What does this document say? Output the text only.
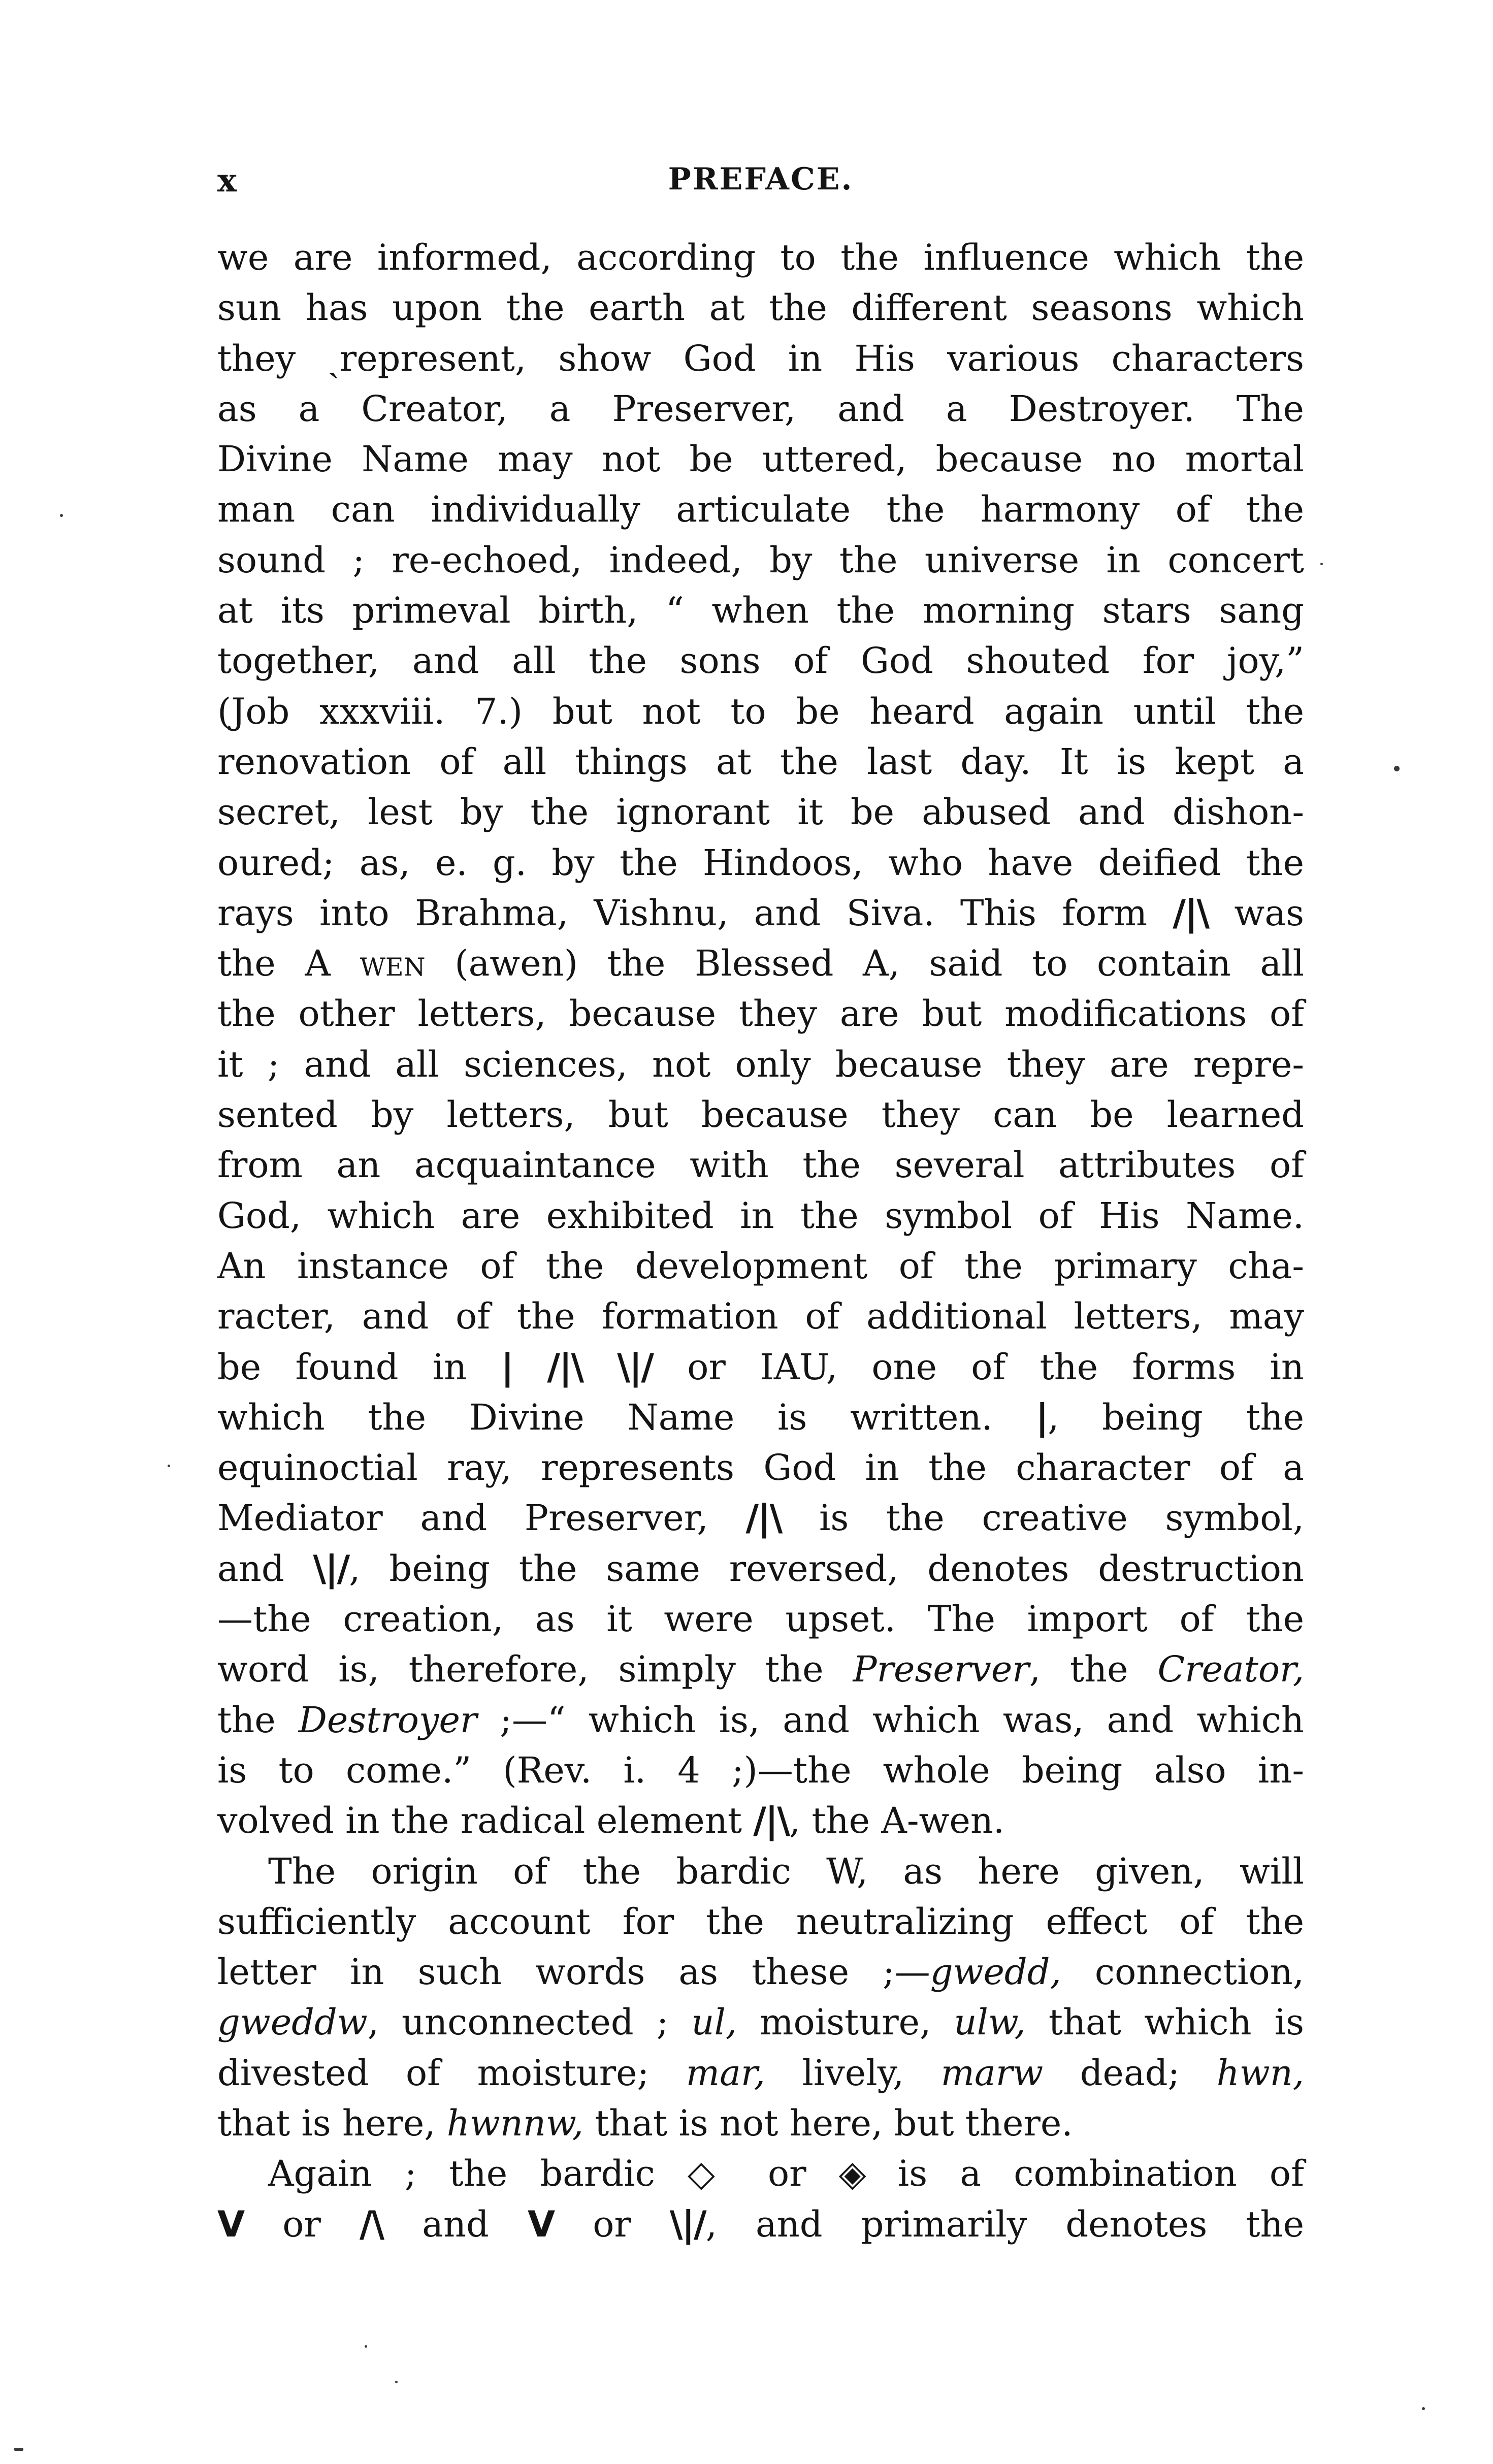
x	PREFACE.
we are informed, according to the influence which the
sun has upon the earth at the different seasons which
they ˎrepresent, show God in His various characters
as a Creator, a Preserver, and a Destroyer. The
Divine Name may not be uttered, because no mortal
man can individually articulate the harmony of the
sound ; re-echoed, indeed, by the universe in concert
at its primeval birth, “ when the morning stars sang
together, and all the sons of God shouted for joy,”
(Job xxxviii. 7.) but not to be heard again until the
renovation of all things at the last day. It is kept a
secret, lest by the ignorant it be abused and dishon-
oured; as, e. g. by the Hindoos, who have deified the
rays into Brahma, Vishnu, and Siva. This form /|\ was
the A wen (awen) the Blessed A, said to contain all
the other letters, because they are but modifications of
it ; and all sciences, not only because they are repre-
sented by letters, but because they can be learned
from an acquaintance with the several attributes of
God, which are exhibited in the symbol of His Name.
An instance of the development of the primary cha-
racter, and of the formation of additional letters, may
be found in | /|\ \|/ or IAU, one of the forms in
which the Divine Name is written. |, being the
equinoctial ray, represents God in the character of a
Mediator and Preserver, /|\ is the creative symbol,
and \|/, being the same reversed, denotes destruction
—the creation, as it were upset. The import of the
word is, therefore, simply the Preserver, the Creator,
the Destroyer ;—“ which is, and which was, and which
is to come.” (Rev. i. 4 ;)—the whole being also in-
volved in the radical element /|\, the A-wen.
The origin of the bardic W, as here given, will
sufficiently account for the neutralizing effect of the
letter in such words as these ;—gwedd, connection,
gweddw, unconnected ; ul, moisture, ulw, that which is
divested of moisture; mar, lively, marw dead; hwn,
that is here, hwnnw, that is not here, but there.
Again ; the bardic ◇ or ◈ is a combination of
V or /\ and V or \|/, and primarily denotes the
